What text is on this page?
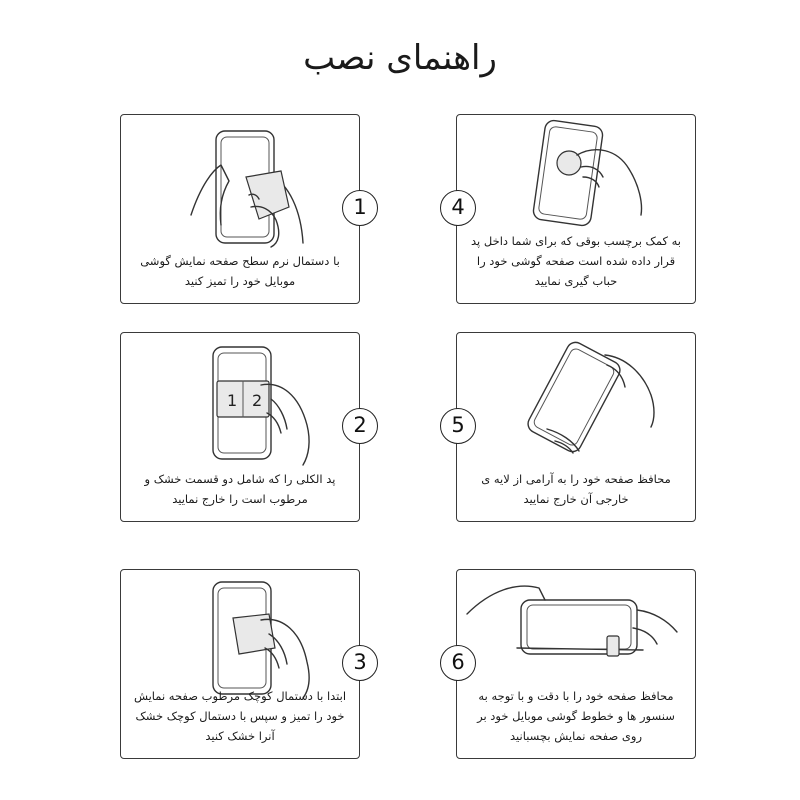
راهنمای نصب
با دستمال نرم سطح صفحه نمایش گوشی موبایل خود را تمیز کنید
1
1 2
پد الکلی را که شامل دو قسمت خشک و مرطوب است را خارج نمایید
2
ابتدا با دستمال کوچک مرطوب صفحه نمایش خود را تمیز و سپس با دستمال کوچک خشک آنرا خشک کنید
3
به کمک برچسب بوقی که برای شما داخل پد قرار داده شده است صفحه گوشی خود را حباب گیری نمایید
4
محافظ صفحه خود را به آرامی از لایه ی خارجی آن خارج نمایید
5
محافظ صفحه خود را با دقت و با توجه به سنسور ها و خطوط گوشی موبایل خود بر روی صفحه نمایش بچسبانید
6
